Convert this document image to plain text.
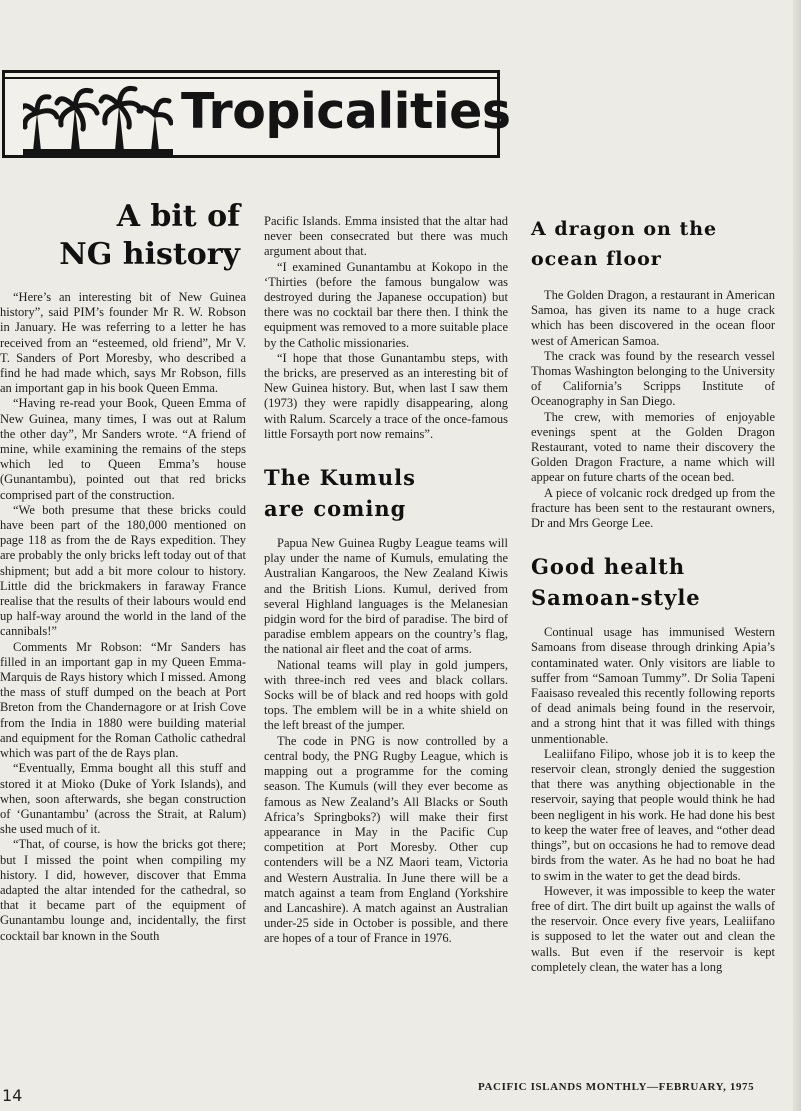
Tropicalities
A bit of
NG history

“Here’s an interesting bit of New Guinea history”, said PIM’s founder Mr R. W. Robson in January. He was referring to a letter he has received from an “esteemed, old friend”, Mr V. T. Sanders of Port Moresby, who described a find he had made which, says Mr Robson, fills an important gap in his book Queen Emma.

“Having re-read your Book, Queen Emma of New Guinea, many times, I was out at Ralum the other day”, Mr Sanders wrote. “A friend of mine, while examining the remains of the steps which led to Queen Emma’s house (Gunantambu), pointed out that red bricks comprised part of the construction.

“We both presume that these bricks could have been part of the 180,000 mentioned on page 118 as from the de Rays expedition. They are probably the only bricks left today out of that shipment; but add a bit more colour to history. Little did the brickmakers in faraway France realise that the results of their labours would end up half-way around the world in the land of the cannibals!”

Comments Mr Robson: “Mr Sanders has filled in an important gap in my Queen Emma-Marquis de Rays history which I missed. Among the mass of stuff dumped on the beach at Port Breton from the Chandernagore or at Irish Cove from the India in 1880 were building material and equipment for the Roman Catholic cathedral which was part of the de Rays plan.

“Eventually, Emma bought all this stuff and stored it at Mioko (Duke of York Islands), and when, soon afterwards, she began construction of ‘Gunantambu’ (across the Strait, at Ralum) she used much of it.

“That, of course, is how the bricks got there; but I missed the point when compiling my history. I did, however, discover that Emma adapted the altar intended for the cathedral, so that it became part of the equipment of Gunantambu lounge and, incidentally, the first cocktail bar known in the South

Pacific Islands. Emma insisted that the altar had never been consecrated but there was much argument about that.

“I examined Gunantambu at Kokopo in the ‘Thirties (before the famous bungalow was destroyed during the Japanese occupation) but there was no cocktail bar there then. I think the equipment was removed to a more suitable place by the Catholic missionaries.

“I hope that those Gunantambu steps, with the bricks, are preserved as an interesting bit of New Guinea history. But, when last I saw them (1973) they were rapidly disappearing, along with Ralum. Scarcely a trace of the once-famous little Forsayth port now remains”.

The Kumuls
are coming

Papua New Guinea Rugby League teams will play under the name of Kumuls, emulating the Australian Kangaroos, the New Zealand Kiwis and the British Lions. Kumul, derived from several Highland languages is the Melanesian pidgin word for the bird of paradise. The bird of paradise emblem appears on the country’s flag, the national air fleet and the coat of arms.

National teams will play in gold jumpers, with three-inch red vees and black collars. Socks will be of black and red hoops with gold tops. The emblem will be in a white shield on the left breast of the jumper.

The code in PNG is now controlled by a central body, the PNG Rugby League, which is mapping out a programme for the coming season. The Kumuls (will they ever become as famous as New Zealand’s All Blacks or South Africa’s Springboks?) will make their first appearance in May in the Pacific Cup competition at Port Moresby. Other cup contenders will be a NZ Maori team, Victoria and Western Australia. In June there will be a match against a team from England (Yorkshire and Lancashire). A match against an Australian under-25 side in October is possible, and there are hopes of a tour of France in 1976.

A dragon on the
ocean floor

The Golden Dragon, a restaurant in American Samoa, has given its name to a huge crack which has been discovered in the ocean floor west of American Samoa.

The crack was found by the research vessel Thomas Washington belonging to the University of California’s Scripps Institute of Oceanography in San Diego.

The crew, with memories of enjoyable evenings spent at the Golden Dragon Restaurant, voted to name their discovery the Golden Dragon Fracture, a name which will appear on future charts of the ocean bed.

A piece of volcanic rock dredged up from the fracture has been sent to the restaurant owners, Dr and Mrs George Lee.

Good health
Samoan-style

Continual usage has immunised Western Samoans from disease through drinking Apia’s contaminated water. Only visitors are liable to suffer from “Samoan Tummy”. Dr Solia Tapeni Faaisaso revealed this recently following reports of dead animals being found in the reservoir, and a strong hint that it was filled with things unmentionable.

Lealiifano Filipo, whose job it is to keep the reservoir clean, strongly denied the suggestion that there was anything objectionable in the reservoir, saying that people would think he had been negligent in his work. He had done his best to keep the water free of leaves, and “other dead things”, but on occasions he had to remove dead birds from the water. As he had no boat he had to swim in the water to get the dead birds.

However, it was impossible to keep the water free of dirt. The dirt built up against the walls of the reservoir. Once every five years, Lealiifano is supposed to let the water out and clean the walls. But even if the reservoir is kept completely clean, the water has a long

14	PACIFIC ISLANDS MONTHLY—FEBRUARY, 1975
